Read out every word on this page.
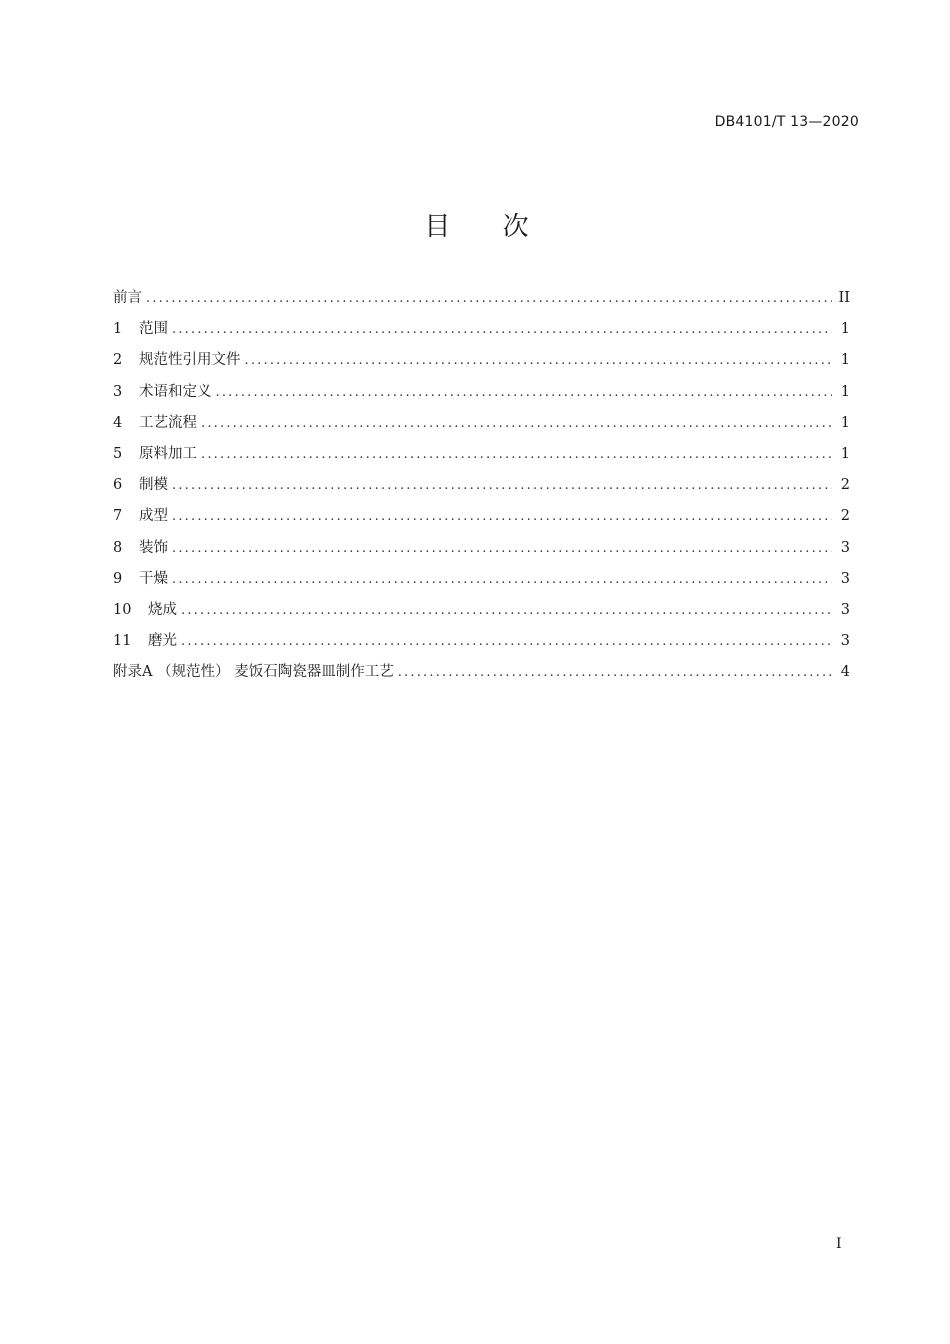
DB4101/T 13—2020
目 次
前言 .....	II
1	范围 .....	1
2	规范性引用文件 .....	1
3	术语和定义 .....	1
4	工艺流程 .....	1
5	原料加工 .....	1
6	制模 .....	2
7	成型 .....	2
8	装饰 .....	3
9	干燥 .....	3
10	烧成 .....	3
11	磨光 .....	3
附录A （规范性） 麦饭石陶瓷器皿制作工艺 .....	4
I
